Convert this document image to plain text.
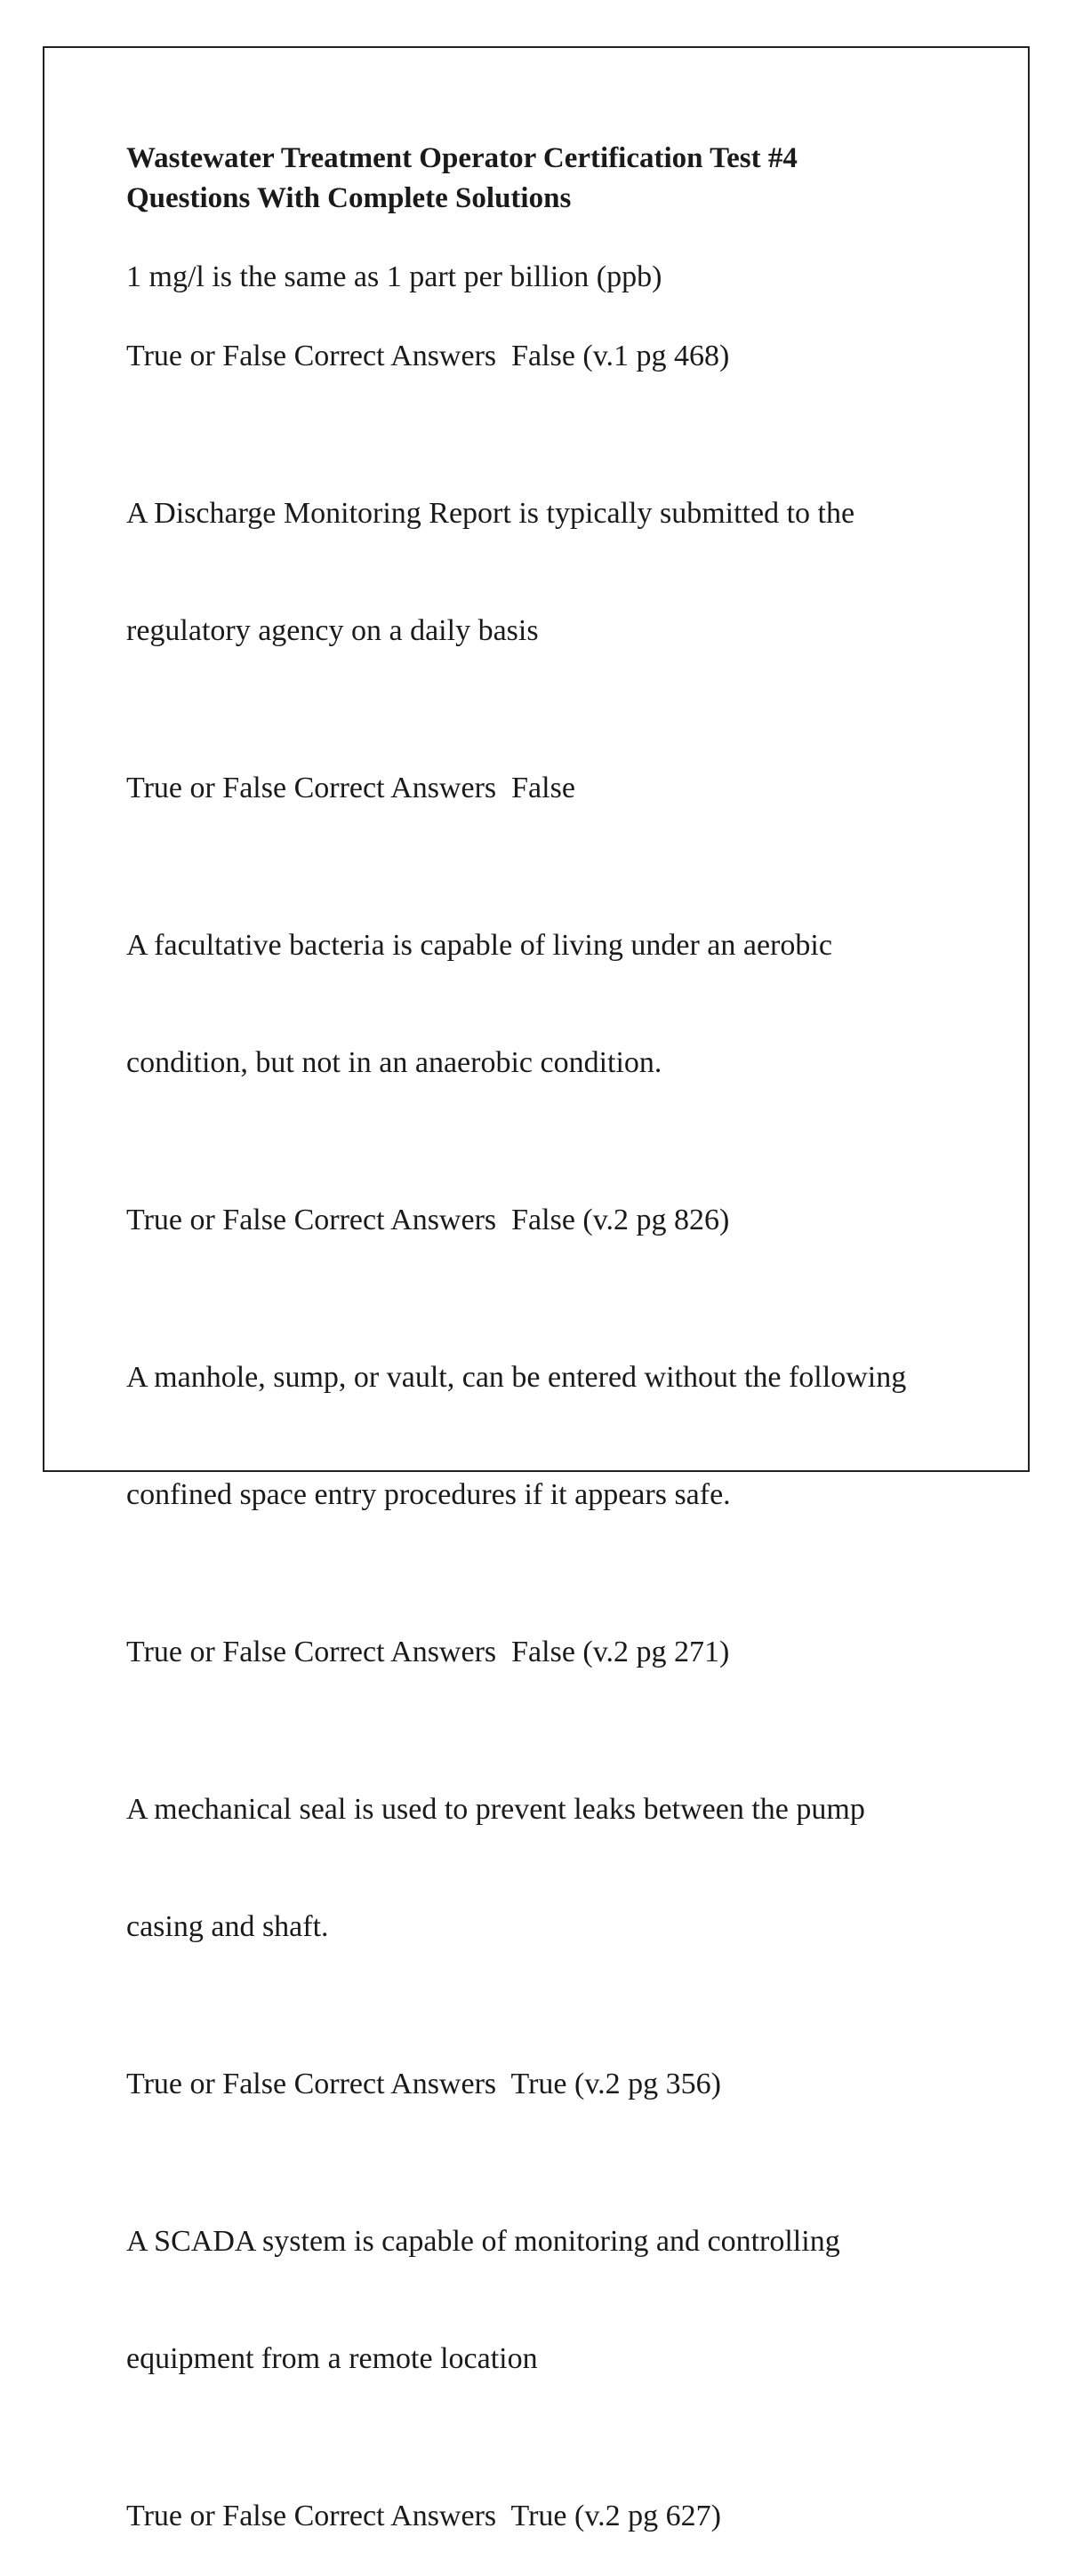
Wastewater Treatment Operator Certification Test #4
Questions With Complete Solutions
1 mg/l is the same as 1 part per billion (ppb)
True or False Correct Answers  False (v.1 pg 468)

A Discharge Monitoring Report is typically submitted to the

regulatory agency on a daily basis

True or False Correct Answers  False

A facultative bacteria is capable of living under an aerobic

condition, but not in an anaerobic condition.

True or False Correct Answers  False (v.2 pg 826)

A manhole, sump, or vault, can be entered without the following

confined space entry procedures if it appears safe.

True or False Correct Answers  False (v.2 pg 271)

A mechanical seal is used to prevent leaks between the pump

casing and shaft.

True or False Correct Answers  True (v.2 pg 356)

A SCADA system is capable of monitoring and controlling

equipment from a remote location

True or False Correct Answers  True (v.2 pg 627)
